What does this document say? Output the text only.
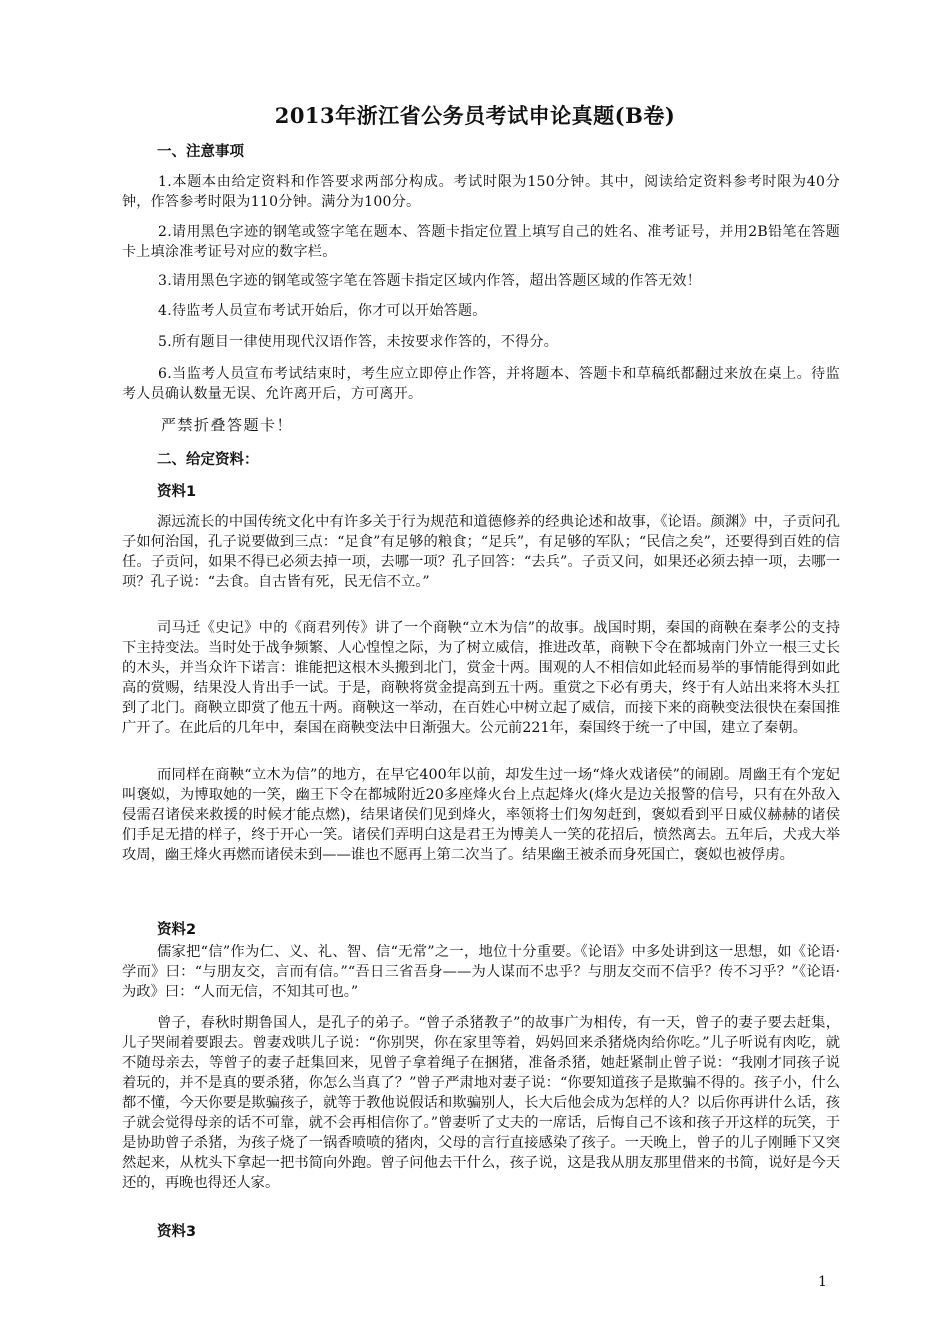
2013年浙江省公务员考试申论真题(B卷)
一、注意事项
1.本题本由给定资料和作答要求两部分构成。考试时限为150分钟。其中，阅读给定资料参考时限为40分钟，作答参考时限为110分钟。满分为100分。
2.请用黑色字迹的钢笔或签字笔在题本、答题卡指定位置上填写自己的姓名、准考证号，并用2B铅笔在答题卡上填涂准考证号对应的数字栏。
3.请用黑色字迹的钢笔或签字笔在答题卡指定区域内作答，超出答题区域的作答无效！
4.待监考人员宣布考试开始后，你才可以开始答题。
5.所有题目一律使用现代汉语作答，未按要求作答的，不得分。
6.当监考人员宣布考试结束时，考生应立即停止作答，并将题本、答题卡和草稿纸都翻过来放在桌上。待监考人员确认数量无误、允许离开后，方可离开。
严禁折叠答题卡！
二、给定资料：
资料1
源远流长的中国传统文化中有许多关于行为规范和道德修养的经典论述和故事，《论语。颜渊》中，子贡问孔子如何治国，孔子说要做到三点：“足食”有足够的粮食；“足兵”，有足够的军队；“民信之矣”，还要得到百姓的信任。子贡问，如果不得已必须去掉一项，去哪一项？孔子回答：“去兵”。子贡又问，如果还必须去掉一项，去哪一项？孔子说：“去食。自古皆有死，民无信不立。”
司马迁《史记》中的《商君列传》讲了一个商鞅“立木为信”的故事。战国时期，秦国的商鞅在秦孝公的支持下主持变法。当时处于战争频繁、人心惶惶之际，为了树立威信，推进改革，商鞅下令在都城南门外立一根三丈长的木头，并当众许下诺言：谁能把这根木头搬到北门，赏金十两。围观的人不相信如此轻而易举的事情能得到如此高的赏赐，结果没人肯出手一试。于是，商鞅将赏金提高到五十两。重赏之下必有勇夫，终于有人站出来将木头扛到了北门。商鞅立即赏了他五十两。商鞅这一举动，在百姓心中树立起了威信，而接下来的商鞅变法很快在秦国推广开了。在此后的几年中，秦国在商鞅变法中日渐强大。公元前221年，秦国终于统一了中国，建立了秦朝。
而同样在商鞅“立木为信”的地方，在早它400年以前，却发生过一场“烽火戏诸侯”的闹剧。周幽王有个宠妃叫褒姒，为博取她的一笑，幽王下令在都城附近20多座烽火台上点起烽火(烽火是边关报警的信号，只有在外敌入侵需召诸侯来救援的时候才能点燃)，结果诸侯们见到烽火，率领将士们匆匆赶到，褒姒看到平日威仪赫赫的诸侯们手足无措的样子，终于开心一笑。诸侯们弄明白这是君王为博美人一笑的花招后，愤然离去。五年后，犬戎大举攻周，幽王烽火再燃而诸侯未到——谁也不愿再上第二次当了。结果幽王被杀而身死国亡，褒姒也被俘虏。
资料2
儒家把“信”作为仁、义、礼、智、信“无常”之一，地位十分重要。《论语》中多处讲到这一思想，如《论语·学而》曰：“与朋友交，言而有信。”“吾日三省吾身——为人谋而不忠乎？与朋友交而不信乎？传不习乎？”《论语·为政》曰：“人而无信，不知其可也。”
曾子，春秋时期鲁国人，是孔子的弟子。“曾子杀猪教子”的故事广为相传，有一天，曾子的妻子要去赶集，儿子哭闹着要跟去。曾妻戏哄儿子说：“你别哭，你在家里等着，妈妈回来杀猪烧肉给你吃。”儿子听说有肉吃，就不随母亲去，等曾子的妻子赶集回来，见曾子拿着绳子在捆猪，准备杀猪，她赶紧制止曾子说：“我刚才同孩子说着玩的，并不是真的要杀猪，你怎么当真了？”曾子严肃地对妻子说：“你要知道孩子是欺骗不得的。孩子小，什么都不懂，今天你要是欺骗孩子，就等于教他说假话和欺骗别人，长大后他会成为怎样的人？以后你再讲什么话，孩子就会觉得母亲的话不可靠，就不会再相信你了。”曾妻听了丈夫的一席话，后悔自己不该和孩子开这样的玩笑，于是协助曾子杀猪，为孩子烧了一锅香喷喷的猪肉，父母的言行直接感染了孩子。一天晚上，曾子的儿子刚睡下又突然起来，从枕头下拿起一把书简向外跑。曾子问他去干什么，孩子说，这是我从朋友那里借来的书简，说好是今天还的，再晚也得还人家。
资料3
1
